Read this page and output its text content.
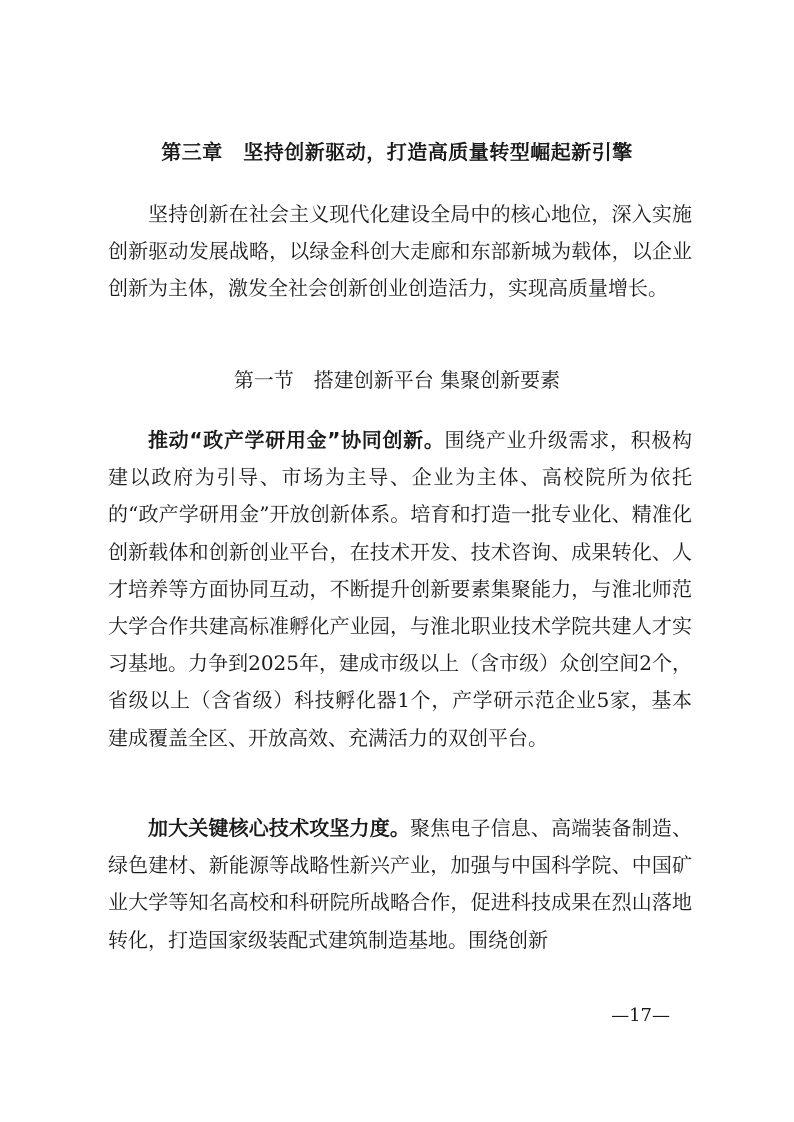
第三章　坚持创新驱动，打造高质量转型崛起新引擎

坚持创新在社会主义现代化建设全局中的核心地位，深入实施创新驱动发展战略，以绿金科创大走廊和东部新城为载体，以企业创新为主体，激发全社会创新创业创造活力，实现高质量增长。

第一节　搭建创新平台 集聚创新要素

推动“政产学研用金”协同创新。围绕产业升级需求，积极构建以政府为引导、市场为主导、企业为主体、高校院所为依托的“政产学研用金”开放创新体系。培育和打造一批专业化、精准化创新载体和创新创业平台，在技术开发、技术咨询、成果转化、人才培养等方面协同互动，不断提升创新要素集聚能力，与淮北师范大学合作共建高标准孵化产业园，与淮北职业技术学院共建人才实习基地。力争到2025年，建成市级以上（含市级）众创空间2个，省级以上（含省级）科技孵化器1个，产学研示范企业5家，基本建成覆盖全区、开放高效、充满活力的双创平台。

加大关键核心技术攻坚力度。聚焦电子信息、高端装备制造、绿色建材、新能源等战略性新兴产业，加强与中国科学院、中国矿业大学等知名高校和科研院所战略合作，促进科技成果在烈山落地转化，打造国家级装配式建筑制造基地。围绕创新

—17—
